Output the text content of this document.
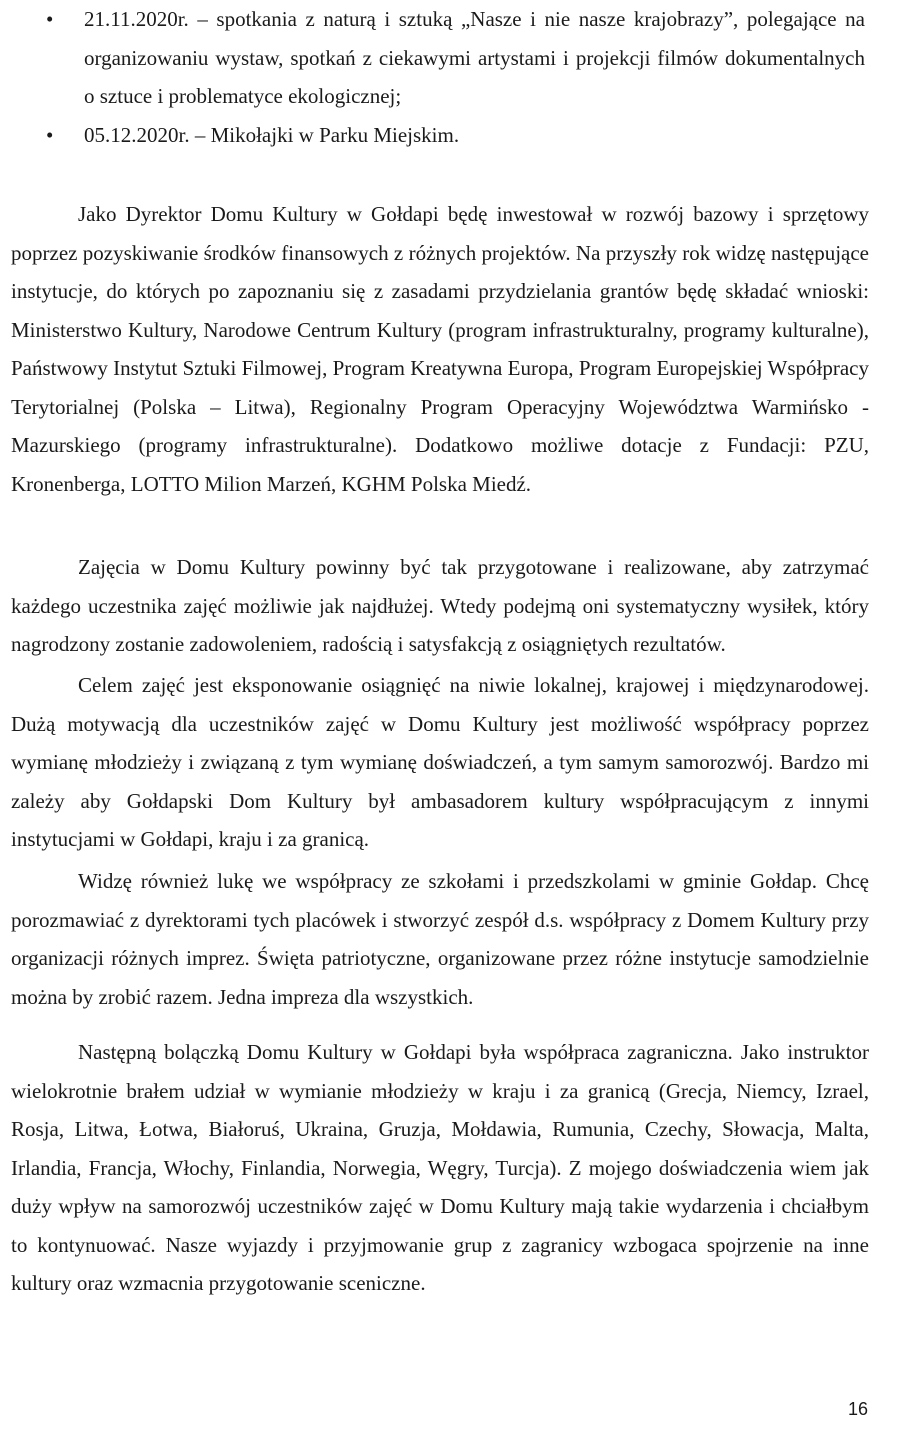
• 21.11.2020r. – spotkania z naturą i sztuką „Nasze i nie nasze krajobrazy”, polegające na organizowaniu wystaw, spotkań z ciekawymi artystami i projekcji filmów dokumentalnych o sztuce i problematyce ekologicznej;
• 05.12.2020r. – Mikołajki w Parku Miejskim.

Jako Dyrektor Domu Kultury w Gołdapi będę inwestował w rozwój bazowy i sprzętowy poprzez pozyskiwanie środków finansowych z różnych projektów. Na przyszły rok widzę następujące instytucje, do których po zapoznaniu się z zasadami przydzielania grantów będę składać wnioski: Ministerstwo Kultury, Narodowe Centrum Kultury (program infrastrukturalny, programy kulturalne), Państwowy Instytut Sztuki Filmowej, Program Kreatywna Europa, Program Europejskiej Współpracy Terytorialnej (Polska – Litwa), Regionalny Program Operacyjny Województwa Warmińsko - Mazurskiego (programy infrastrukturalne). Dodatkowo możliwe dotacje z Fundacji: PZU, Kronenberga, LOTTO Milion Marzeń, KGHM Polska Miedź.

Zajęcia w Domu Kultury powinny być tak przygotowane i realizowane, aby zatrzymać każdego uczestnika zajęć możliwie jak najdłużej. Wtedy podejmą oni systematyczny wysiłek, który nagrodzony zostanie zadowoleniem, radością i satysfakcją z osiągniętych rezultatów.

Celem zajęć jest eksponowanie osiągnięć na niwie lokalnej, krajowej i międzynarodowej. Dużą motywacją dla uczestników zajęć w Domu Kultury jest możliwość współpracy poprzez wymianę młodzieży i związaną z tym wymianę doświadczeń, a tym samym samorozwój. Bardzo mi zależy aby Gołdapski Dom Kultury był ambasadorem kultury współpracującym z innymi instytucjami w Gołdapi, kraju i za granicą.

Widzę również lukę we współpracy ze szkołami i przedszkolami w gminie Gołdap. Chcę porozmawiać z dyrektorami tych placówek i stworzyć zespół d.s. współpracy z Domem Kultury przy organizacji różnych imprez. Święta patriotyczne, organizowane przez różne instytucje samodzielnie można by zrobić razem. Jedna impreza dla wszystkich.

Następną bolączką Domu Kultury w Gołdapi była współpraca zagraniczna. Jako instruktor wielokrotnie brałem udział w wymianie młodzieży w kraju i za granicą (Grecja, Niemcy, Izrael, Rosja, Litwa, Łotwa, Białoruś, Ukraina, Gruzja, Mołdawia, Rumunia, Czechy, Słowacja, Malta, Irlandia, Francja, Włochy, Finlandia, Norwegia, Węgry, Turcja). Z mojego doświadczenia wiem jak duży wpływ na samorozwój uczestników zajęć w Domu Kultury mają takie wydarzenia i chciałbym to kontynuować. Nasze wyjazdy i przyjmowanie grup z zagranicy wzbogaca spojrzenie na inne kultury oraz wzmacnia przygotowanie sceniczne.

16
